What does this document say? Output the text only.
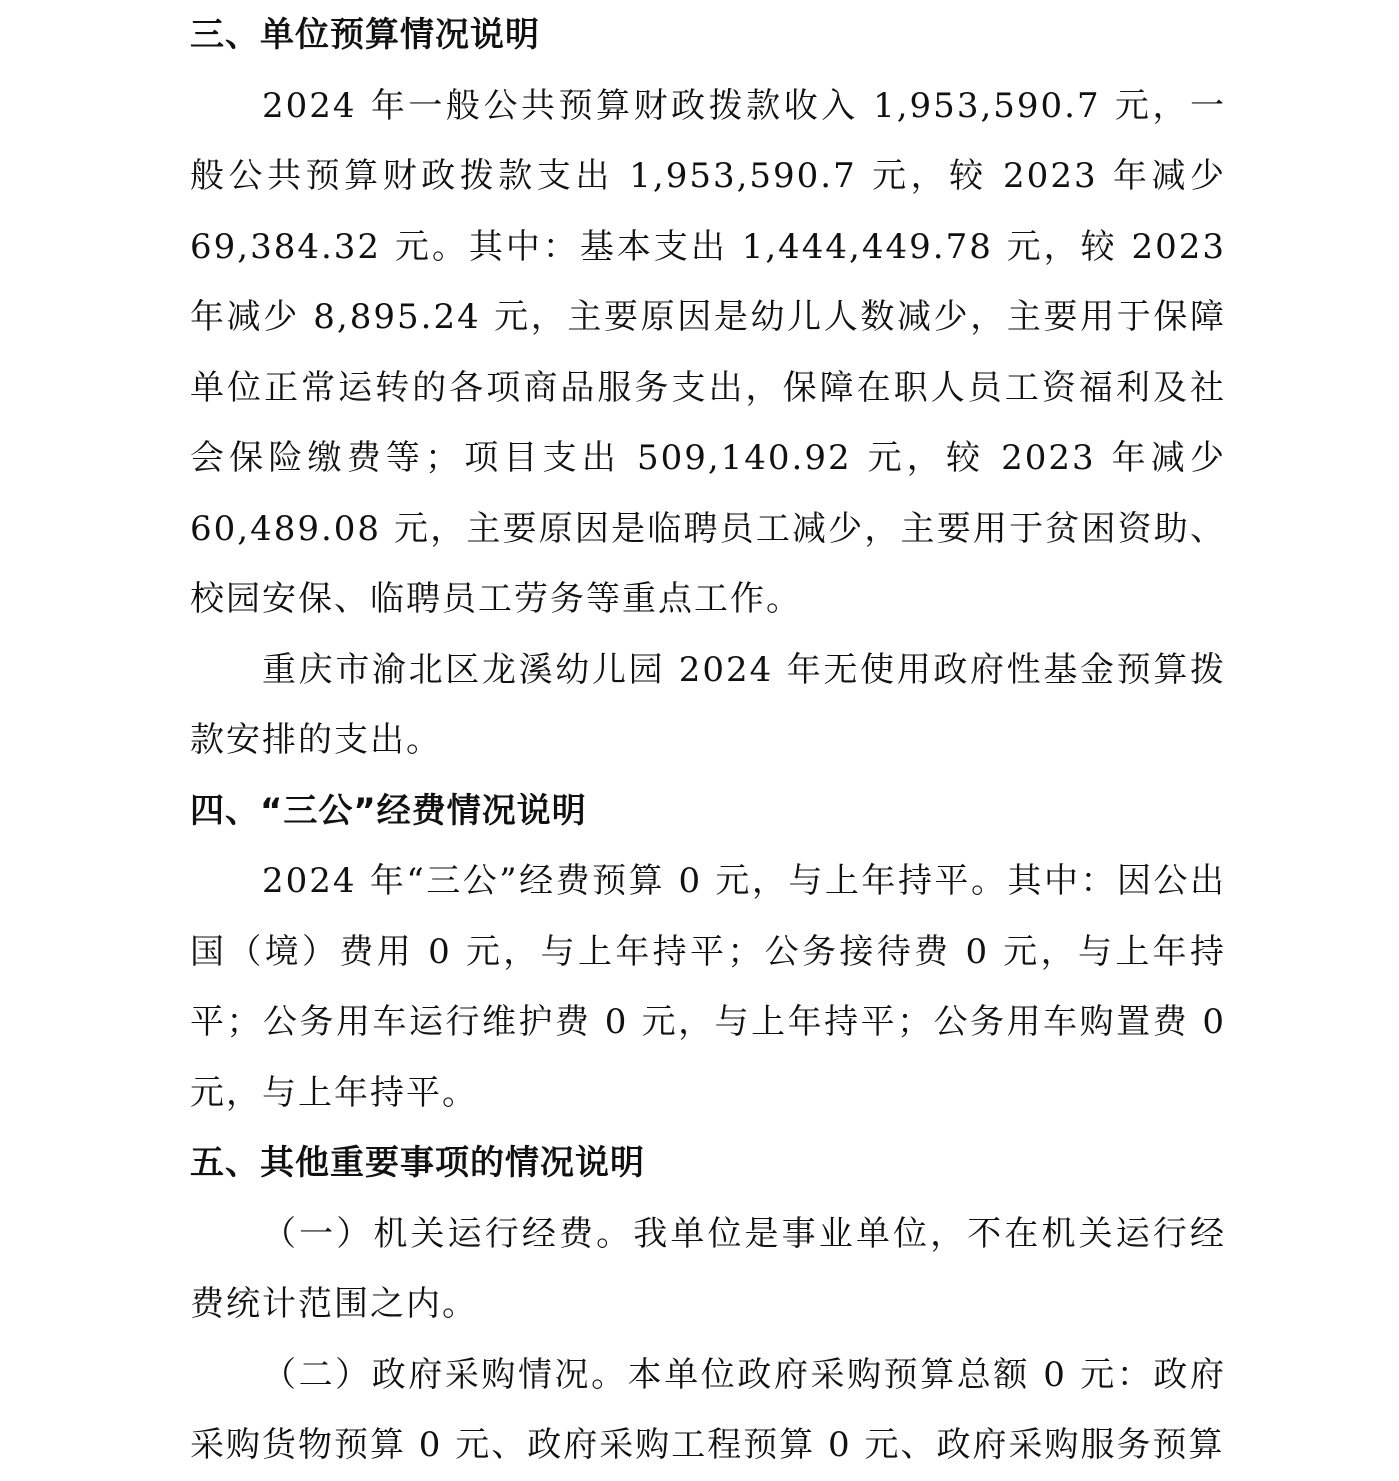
三、单位预算情况说明

2024 年一般公共预算财政拨款收入 1,953,590.7 元，一般公共预算财政拨款支出 1,953,590.7 元，较 2023 年减少 69,384.32 元。其中：基本支出 1,444,449.78 元，较 2023 年减少 8,895.24 元，主要原因是幼儿人数减少，主要用于保障单位正常运转的各项商品服务支出，保障在职人员工资福利及社会保险缴费等；项目支出 509,140.92 元，较 2023 年减少 60,489.08 元，主要原因是临聘员工减少，主要用于贫困资助、校园安保、临聘员工劳务等重点工作。

重庆市渝北区龙溪幼儿园 2024 年无使用政府性基金预算拨款安排的支出。

四、“三公”经费情况说明

2024 年“三公”经费预算 0 元，与上年持平。其中：因公出国（境）费用 0 元，与上年持平；公务接待费 0 元，与上年持平；公务用车运行维护费 0 元，与上年持平；公务用车购置费 0 元，与上年持平。

五、其他重要事项的情况说明

（一）机关运行经费。我单位是事业单位，不在机关运行经费统计范围之内。

（二）政府采购情况。本单位政府采购预算总额 0 元：政府采购货物预算 0 元、政府采购工程预算 0 元、政府采购服务预算
